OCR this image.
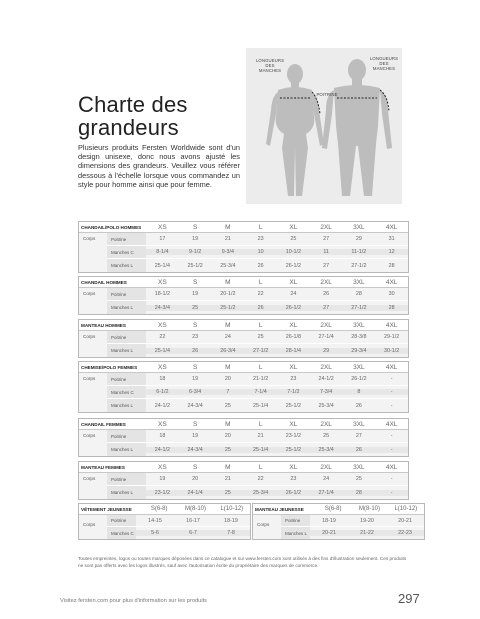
Charte des grandeurs

Plusieurs produits Fersten Worldwide sont d'un design unisexe, donc nous avons ajusté les dimensions des grandeurs. Veuillez vous référer dessous à l'échelle lorsque vous commandez un style pour homme ainsi que pour femme.

LONGUEURS
DES
MANCHES
LONGUEURS
DES
MANCHES
POITRINE
CHANDAIL/POLO HOMMES	XS	S	M	L	XL	2XL	3XL	4XL
Corps	Poitrine	17	19	21	23	25	27	29	31
Manches C	8-1/4	9-1/2	9-3/4	10	10-1/2	11	11-1/2	12
Manches L	25-1/4	25-1/2	25-3/4	26	26-1/2	27	27-1/2	28
CHANDAIL HOMMES	XS	S	M	L	XL	2XL	3XL	4XL
Corps	Poitrine	18-1/2	19	20-1/2	22	24	26	28	30
Manches L	24-3/4	25	25-1/2	26	26-1/2	27	27-1/2	28
MANTEAU HOMMES	XS	S	M	L	XL	2XL	3XL	4XL
Corps	Poitrine	22	23	24	25	26-1/8	27-1/4	28-3/8	29-1/2
Manches L	25-1/4	26	26-3/4	27-1/2	28-1/4	29	29-3/4	30-1/2
CHEMISE/POLO FEMMES	XS	S	M	L	XL	2XL	3XL	4XL
Corps	Poitrine	18	19	20	21-1/2	23	24-1/2	26-1/2	-
Manches C	6-1/2	6-3/4	7	7-1/4	7-1/2	7-3/4	8	-
Manches L	24-1/2	24-3/4	25	25-1/4	25-1/2	25-3/4	26	-
CHANDAIL FEMMES	XS	S	M	L	XL	2XL	3XL	4XL
Corps	Poitrine	18	19	20	21	23-1/2	25	27	-
Manches L	24-1/2	24-3/4	25	25-1/4	25-1/2	25-3/4	26	-
MANTEAU FEMMES	XS	S	M	L	XL	2XL	3XL	4XL
Corps	Poitrine	19	20	21	22	23	24	25	-
Manches L	23-1/2	24-1/4	25	25-3/4	26-1/2	27-1/4	28	-
VÊTEMENT JEUNESSE	S(6-8)	M(8-10)	L(10-12)
Corps
Poitrine	14-15	16-17	18-19
Manches C	5-6	6-7	7-8
MANTEAU JEUNESSE	S(6-8)	M(8-10)	L(10-12)
Corps
Poitrine	18-19	19-20	20-21
Manches L	20-21	21-22	22-23

Toutes empreintes, logos ou toutes marques déposées dans ce catalogue et sur www.fersten.com sont utilisés à des fins d'illustration seulement. Ces produits ne sont pas offerts avec les logos illustrés, sauf avec l'autorisation écrite du propriétaire des marques de commerce.

Visitez fersten.com pour plus d'information sur les produits	297
